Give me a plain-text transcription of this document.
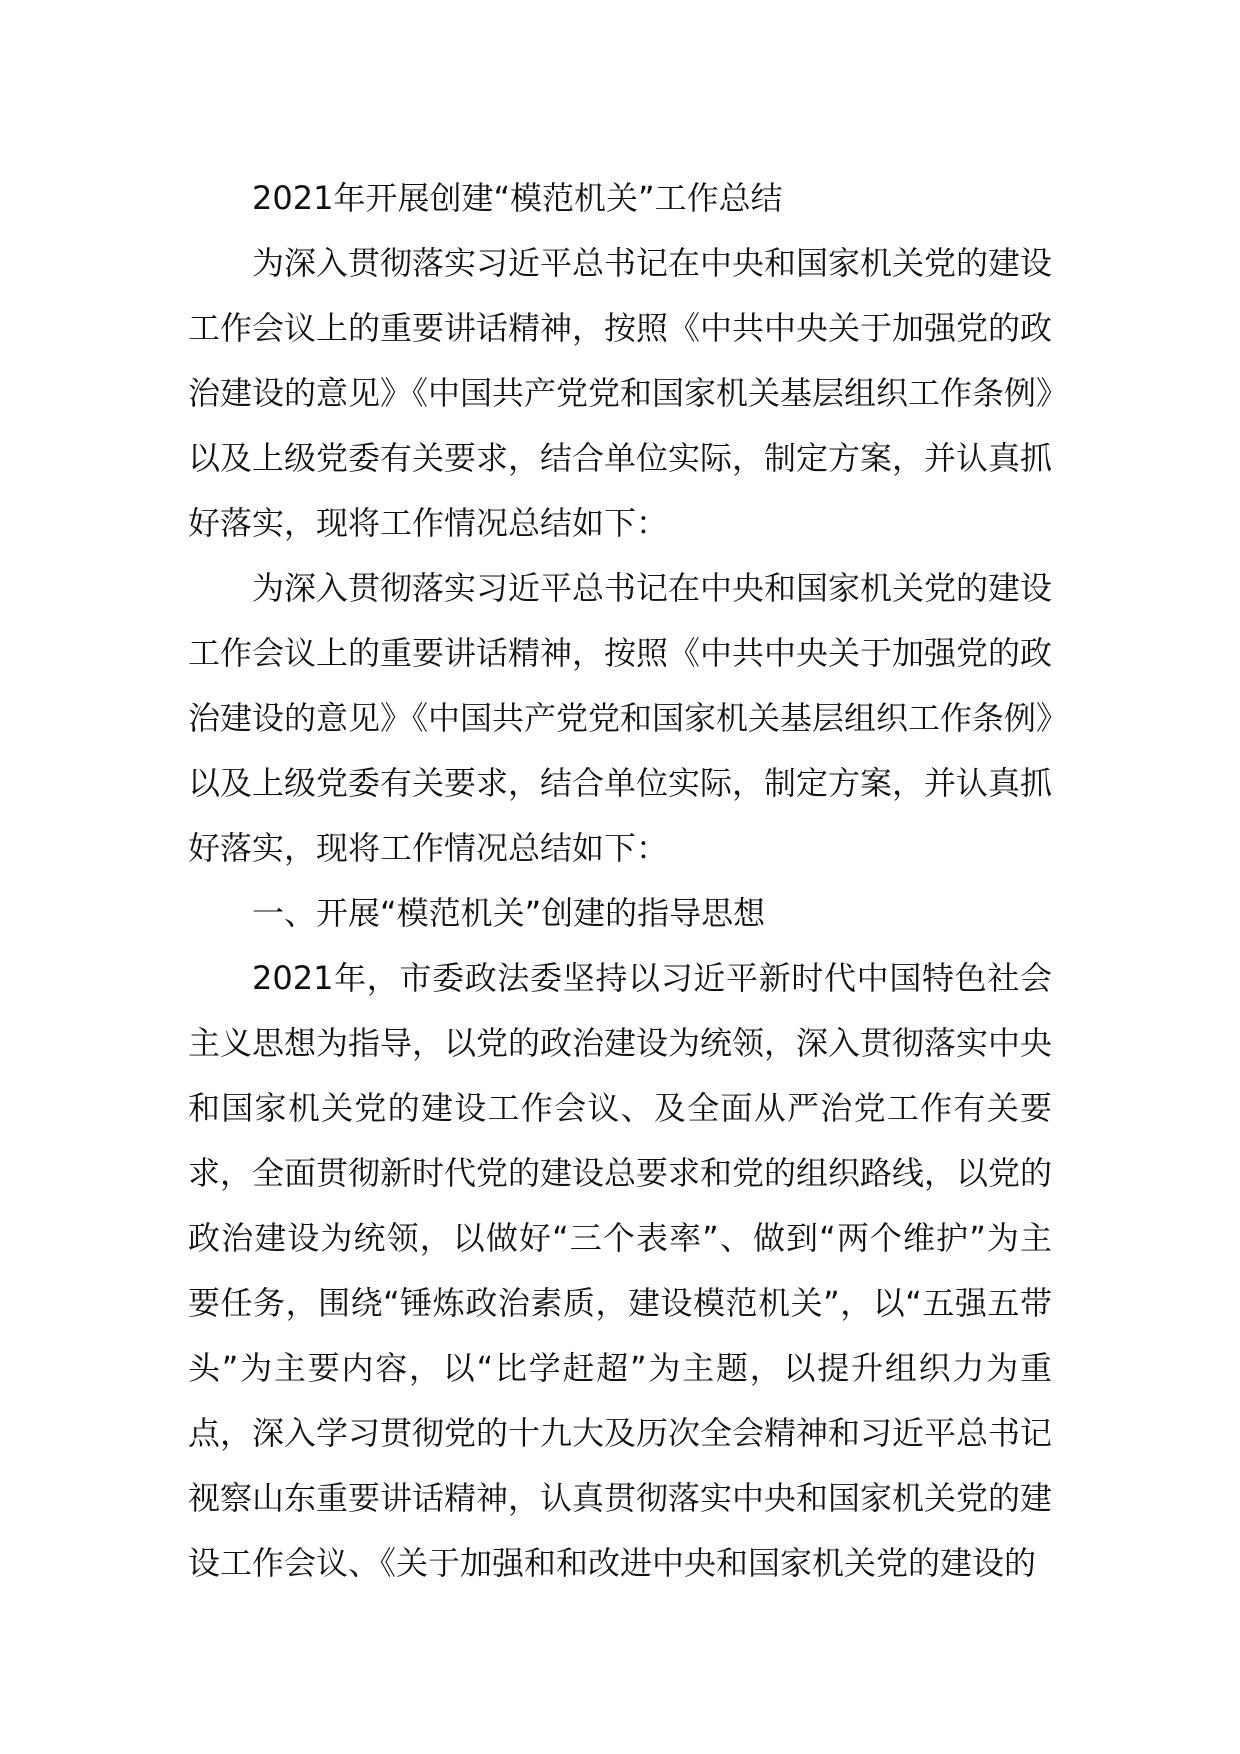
2021年开展创建“模范机关”工作总结

为深入贯彻落实习近平总书记在中央和国家机关党的建设工作会议上的重要讲话精神，按照《中共中央关于加强党的政治建设的意见》《中国共产党党和国家机关基层组织工作条例》以及上级党委有关要求，结合单位实际，制定方案，并认真抓好落实，现将工作情况总结如下：

为深入贯彻落实习近平总书记在中央和国家机关党的建设工作会议上的重要讲话精神，按照《中共中央关于加强党的政治建设的意见》《中国共产党党和国家机关基层组织工作条例》以及上级党委有关要求，结合单位实际，制定方案，并认真抓好落实，现将工作情况总结如下：

一、开展“模范机关”创建的指导思想

2021年，市委政法委坚持以习近平新时代中国特色社会主义思想为指导，以党的政治建设为统领，深入贯彻落实中央和国家机关党的建设工作会议、及全面从严治党工作有关要求，全面贯彻新时代党的建设总要求和党的组织路线，以党的政治建设为统领，以做好“三个表率”、做到“两个维护”为主要任务，围绕“锤炼政治素质，建设模范机关”，以“五强五带头”为主要内容，以“比学赶超”为主题，以提升组织力为重点，深入学习贯彻党的十九大及历次全会精神和习近平总书记视察山东重要讲话精神，认真贯彻落实中央和国家机关党的建设工作会议、《关于加强和和改进中央和国家机关党的建设的
